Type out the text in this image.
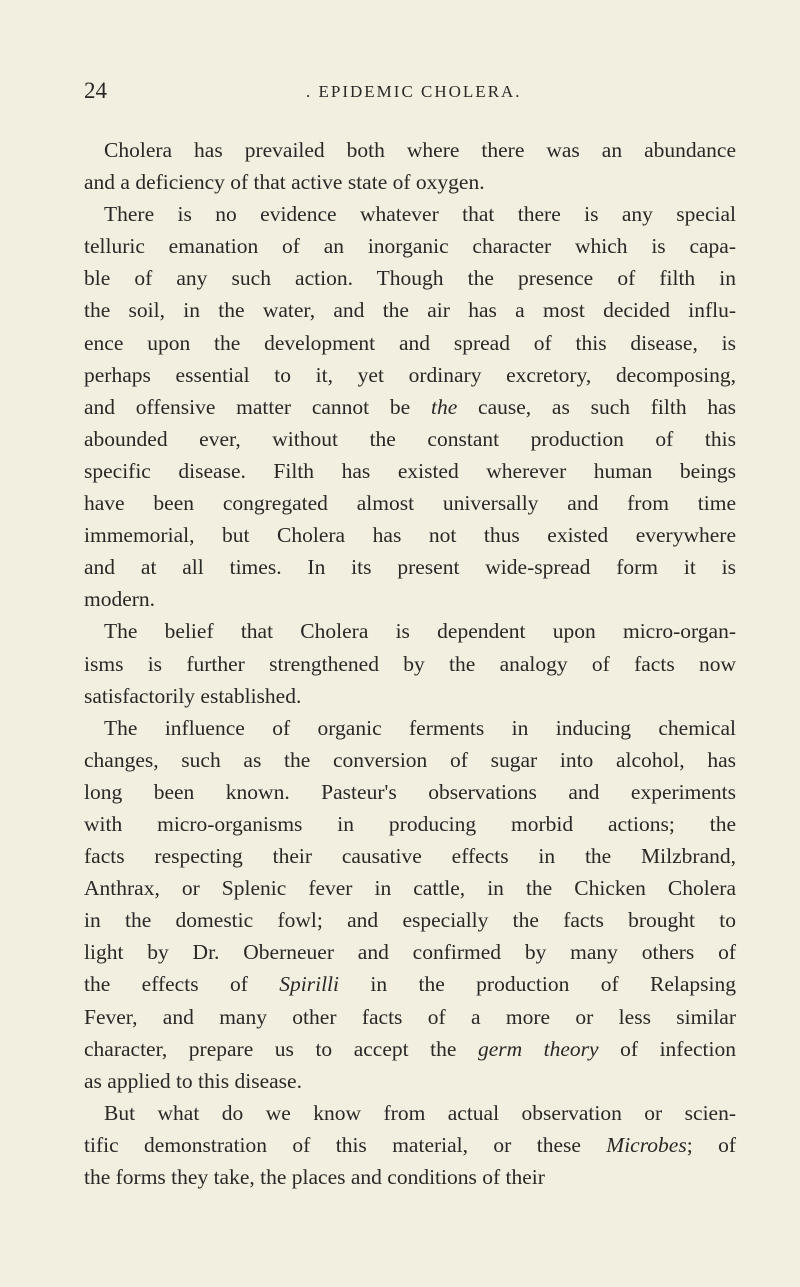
24	. EPIDEMIC CHOLERA.
Cholera has prevailed both where there was an abundance
and a deficiency of that active state of oxygen.
There is no evidence whatever that there is any special
telluric emanation of an inorganic character which is capa-
ble of any such action. Though the presence of filth in
the soil, in the water, and the air has a most decided influ-
ence upon the development and spread of this disease, is
perhaps essential to it, yet ordinary excretory, decomposing,
and offensive matter cannot be the cause, as such filth has
abounded ever, without the constant production of this
specific disease. Filth has existed wherever human beings
have been congregated almost universally and from time
immemorial, but Cholera has not thus existed everywhere
and at all times. In its present wide-spread form it is
modern.
The belief that Cholera is dependent upon micro-organ-
isms is further strengthened by the analogy of facts now
satisfactorily established.
The influence of organic ferments in inducing chemical
changes, such as the conversion of sugar into alcohol, has
long been known. Pasteur's observations and experiments
with micro-organisms in producing morbid actions; the
facts respecting their causative effects in the Milzbrand,
Anthrax, or Splenic fever in cattle, in the Chicken Cholera
in the domestic fowl; and especially the facts brought to
light by Dr. Oberneuer and confirmed by many others of
the effects of Spirilli in the production of Relapsing
Fever, and many other facts of a more or less similar
character, prepare us to accept the germ theory of infection
as applied to this disease.
But what do we know from actual observation or scien-
tific demonstration of this material, or these Microbes; of
the forms they take, the places and conditions of their
